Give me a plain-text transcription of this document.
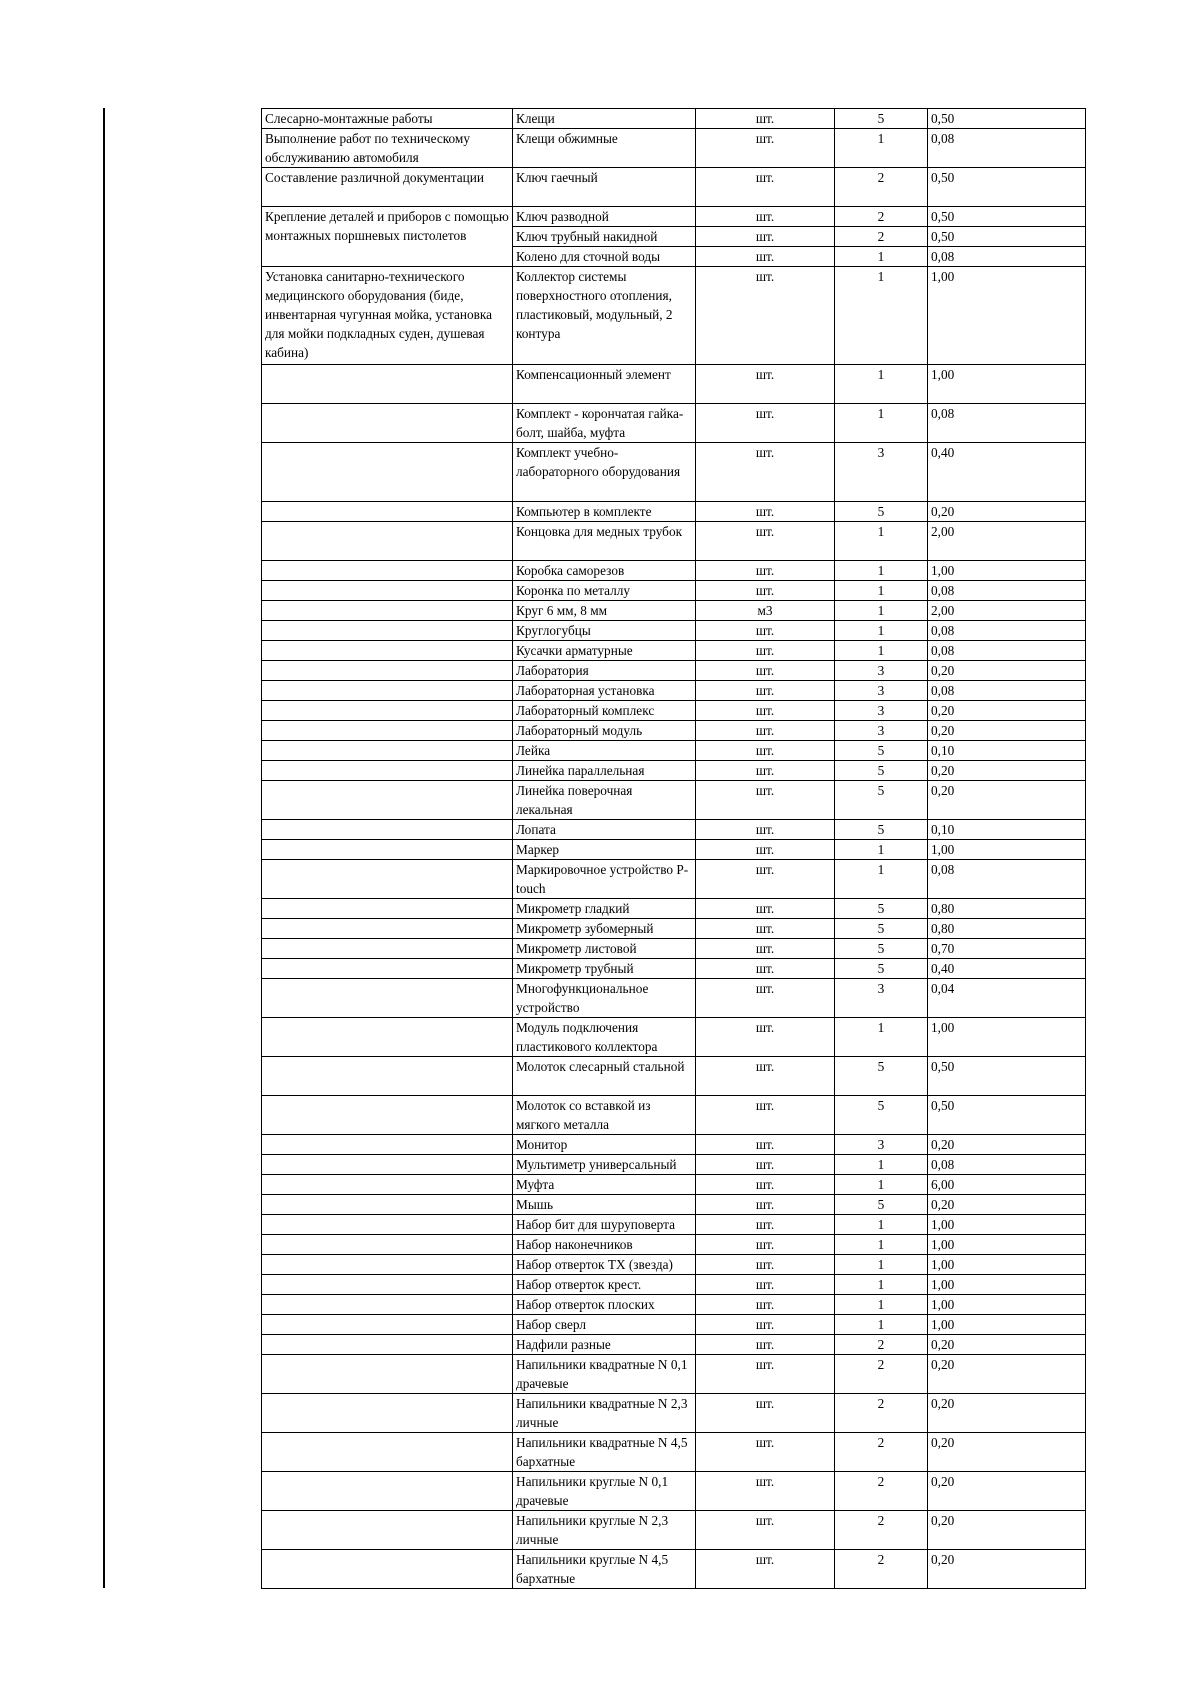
Слесарно-монтажные работы	Клещи	шт.	5	0,50
Выполнение работ по техническому обслуживанию автомобиля	Клещи обжимные	шт.	1	0,08
Составление различной документации	Ключ гаечный	шт.	2	0,50
Крепление деталей и приборов с помощью монтажных поршневых пистолетов	Ключ разводной	шт.	2	0,50
	Ключ трубный накидной	шт.	2	0,50
	Колено для сточной воды	шт.	1	0,08
Установка санитарно-технического медицинского оборудования (биде, инвентарная чугунная мойка, установка для мойки подкладных суден, душевая кабина)	Коллектор системы поверхностного отопления, пластиковый, модульный, 2 контура	шт.	1	1,00
	Компенсационный элемент	шт.	1	1,00
	Комплект - корончатая гайка-болт, шайба, муфта	шт.	1	0,08
	Комплект учебно-лабораторного оборудования	шт.	3	0,40
	Компьютер в комплекте	шт.	5	0,20
	Концовка для медных трубок	шт.	1	2,00
	Коробка саморезов	шт.	1	1,00
	Коронка по металлу	шт.	1	0,08
	Круг 6 мм, 8 мм	м3	1	2,00
	Круглогубцы	шт.	1	0,08
	Кусачки арматурные	шт.	1	0,08
	Лаборатория	шт.	3	0,20
	Лабораторная установка	шт.	3	0,08
	Лабораторный комплекс	шт.	3	0,20
	Лабораторный модуль	шт.	3	0,20
	Лейка	шт.	5	0,10
	Линейка параллельная	шт.	5	0,20
	Линейка поверочная лекальная	шт.	5	0,20
	Лопата	шт.	5	0,10
	Маркер	шт.	1	1,00
	Маркировочное устройство P-touch	шт.	1	0,08
	Микрометр гладкий	шт.	5	0,80
	Микрометр зубомерный	шт.	5	0,80
	Микрометр листовой	шт.	5	0,70
	Микрометр трубный	шт.	5	0,40
	Многофункциональное устройство	шт.	3	0,04
	Модуль подключения пластикового коллектора	шт.	1	1,00
	Молоток слесарный стальной	шт.	5	0,50
	Молоток со вставкой из мягкого металла	шт.	5	0,50
	Монитор	шт.	3	0,20
	Мультиметр универсальный	шт.	1	0,08
	Муфта	шт.	1	6,00
	Мышь	шт.	5	0,20
	Набор бит для шуруповерта	шт.	1	1,00
	Набор наконечников	шт.	1	1,00
	Набор отверток TX (звезда)	шт.	1	1,00
	Набор отверток крест.	шт.	1	1,00
	Набор отверток плоских	шт.	1	1,00
	Набор сверл	шт.	1	1,00
	Надфили разные	шт.	2	0,20
	Напильники квадратные N 0,1 драчевые	шт.	2	0,20
	Напильники квадратные N 2,3 личные	шт.	2	0,20
	Напильники квадратные N 4,5 бархатные	шт.	2	0,20
	Напильники круглые N 0,1 драчевые	шт.	2	0,20
	Напильники круглые N 2,3 личные	шт.	2	0,20
	Напильники круглые N 4,5 бархатные	шт.	2	0,20
